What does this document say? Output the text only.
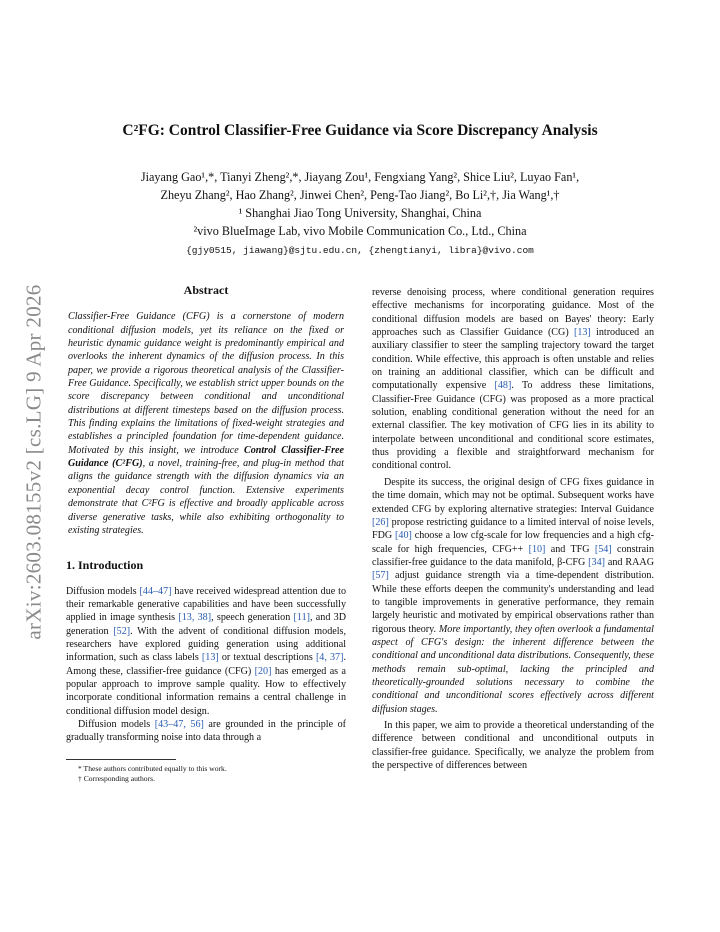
arXiv:2603.08155v2 [cs.LG] 9 Apr 2026
C²FG: Control Classifier-Free Guidance via Score Discrepancy Analysis
Jiayang Gao¹,*, Tianyi Zheng²,*, Jiayang Zou¹, Fengxiang Yang², Shice Liu², Luyao Fan¹,
Zheyu Zhang², Hao Zhang², Jinwei Chen², Peng-Tao Jiang², Bo Li²,†, Jia Wang¹,†
¹ Shanghai Jiao Tong University, Shanghai, China
²vivo BlueImage Lab, vivo Mobile Communication Co., Ltd., China
{gjy0515, jiawang}@sjtu.edu.cn, {zhengtianyi, libra}@vivo.com
Abstract

Classifier-Free Guidance (CFG) is a cornerstone of modern conditional diffusion models, yet its reliance on the fixed or heuristic dynamic guidance weight is predominantly empirical and overlooks the inherent dynamics of the diffusion process. In this paper, we provide a rigorous theoretical analysis of the Classifier-Free Guidance. Specifically, we establish strict upper bounds on the score discrepancy between conditional and unconditional distributions at different timesteps based on the diffusion process. This finding explains the limitations of fixed-weight strategies and establishes a principled foundation for time-dependent guidance. Motivated by this insight, we introduce Control Classifier-Free Guidance (C²FG), a novel, training-free, and plug-in method that aligns the guidance strength with the diffusion dynamics via an exponential decay control function. Extensive experiments demonstrate that C²FG is effective and broadly applicable across diverse generative tasks, while also exhibiting orthogonality to existing strategies.

1. Introduction

Diffusion models [44–47] have received widespread attention due to their remarkable generative capabilities and have been successfully applied in image synthesis [13, 38], speech generation [11], and 3D generation [52]. With the advent of conditional diffusion models, researchers have explored guiding generation using additional information, such as class labels [13] or textual descriptions [4, 37]. Among these, classifier-free guidance (CFG) [20] has emerged as a popular approach to improve sample quality. How to effectively incorporate conditional information remains a central challenge in conditional diffusion model design.

Diffusion models [43–47, 56] are grounded in the principle of gradually transforming noise into data through a

* These authors contributed equally to this work.
† Corresponding authors.

reverse denoising process, where conditional generation requires effective mechanisms for incorporating guidance. Most of the conditional diffusion models are based on Bayes' theory: Early approaches such as Classifier Guidance (CG) [13] introduced an auxiliary classifier to steer the sampling trajectory toward the target condition. While effective, this approach is often unstable and relies on training an additional classifier, which can be difficult and computationally expensive [48]. To address these limitations, Classifier-Free Guidance (CFG) was proposed as a more practical solution, enabling conditional generation without the need for an external classifier. The key motivation of CFG lies in its ability to interpolate between unconditional and conditional score estimates, thus providing a flexible and straightforward mechanism for conditional control.

Despite its success, the original design of CFG fixes guidance in the time domain, which may not be optimal. Subsequent works have extended CFG by exploring alternative strategies: Interval Guidance [26] propose restricting guidance to a limited interval of noise levels, FDG [40] choose a low cfg-scale for low frequencies and a high cfg-scale for high frequencies, CFG++ [10] and TFG [54] constrain classifier-free guidance to the data manifold, β-CFG [34] and RAAG [57] adjust guidance strength via a time-dependent distribution. While these efforts deepen the community's understanding and lead to tangible improvements in generative performance, they remain largely heuristic and motivated by empirical observations rather than rigorous theory. More importantly, they often overlook a fundamental aspect of CFG's design: the inherent difference between the conditional and unconditional data distributions. Consequently, these methods remain sub-optimal, lacking the principled and theoretically-grounded solutions necessary to combine the conditional and unconditional scores effectively across different diffusion stages.

In this paper, we aim to provide a theoretical understanding of the difference between conditional and unconditional outputs in classifier-free guidance. Specifically, we analyze the problem from the perspective of differences between
